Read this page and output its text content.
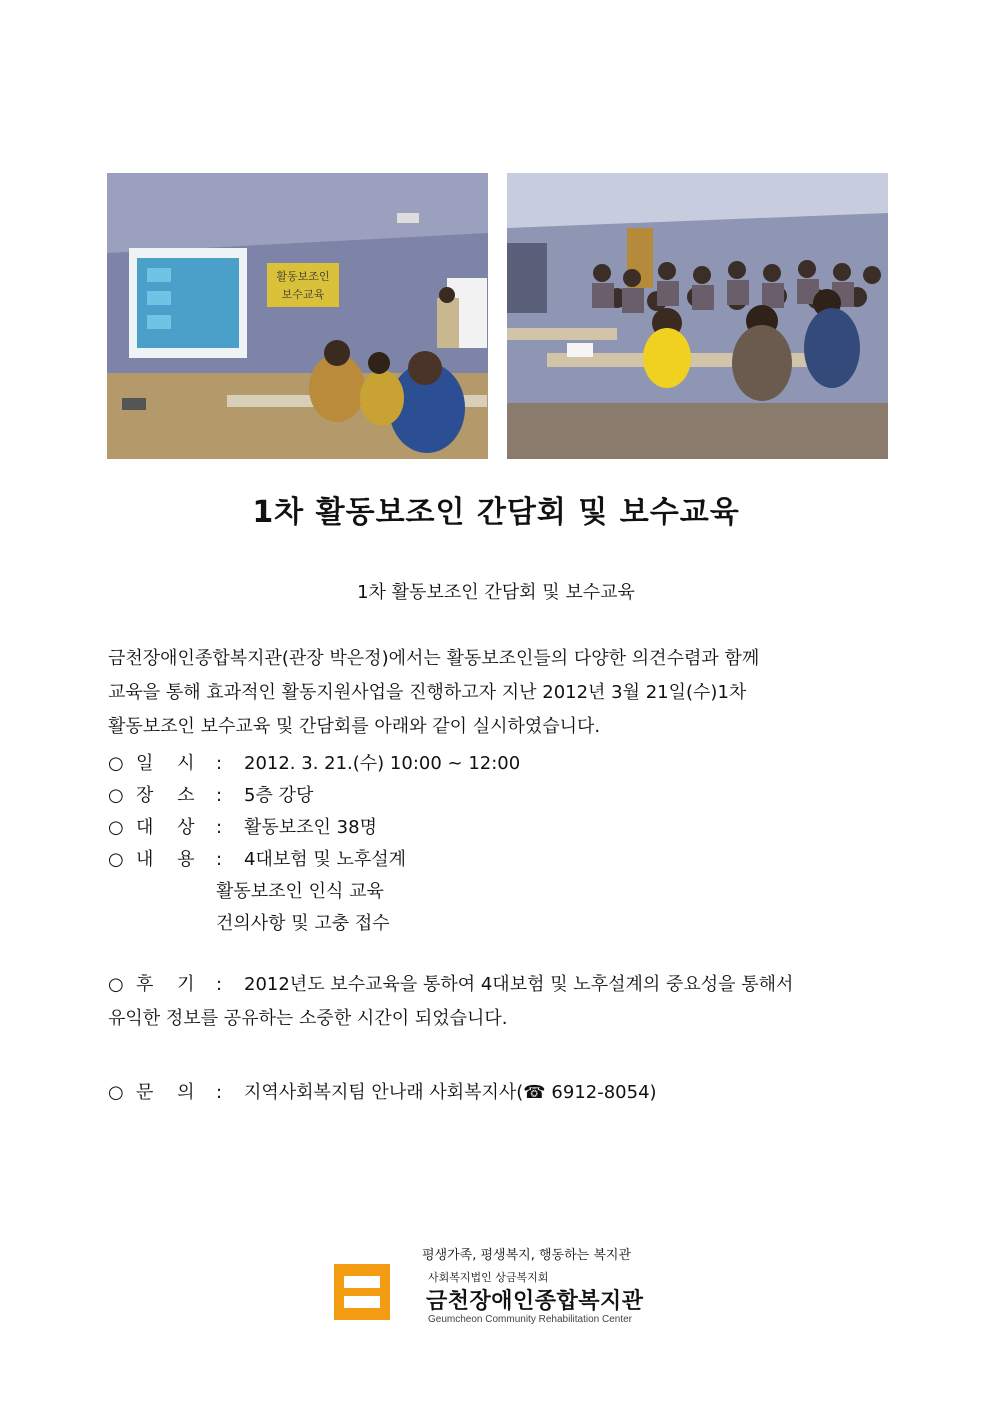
활동보조인
보수교육
1차 활동보조인 간담회 및 보수교육

1차 활동보조인 간담회 및 보수교육

금천장애인종합복지관(관장 박은정)에서는 활동보조인들의 다양한 의견수렴과 함께
교육을 통해 효과적인 활동지원사업을 진행하고자 지난 2012년 3월 21일(수)1차
활동보조인 보수교육 및 간담회를 아래와 같이 실시하였습니다.
○ 일 시 :	2012. 3. 21.(수) 10:00 ~ 12:00
○ 장 소 :	5층 강당
○ 대 상 :	활동보조인 38명
○ 내 용 :	4대보험 및 노후설계
활동보조인 인식 교육
건의사항 및 고충 접수
○ 후 기 : 2012년도 보수교육을 통하여 4대보험 및 노후설계의 중요성을 통해서
유익한 정보를 공유하는 소중한 시간이 되었습니다.
○ 문 의 : 지역사회복지팀 안나래 사회복지사(☎ 6912-8054)
평생가족, 평생복지, 행동하는 복지관
사회복지법인 상금복지회
금천장애인종합복지관
Geumcheon Community Rehabilitation Center
